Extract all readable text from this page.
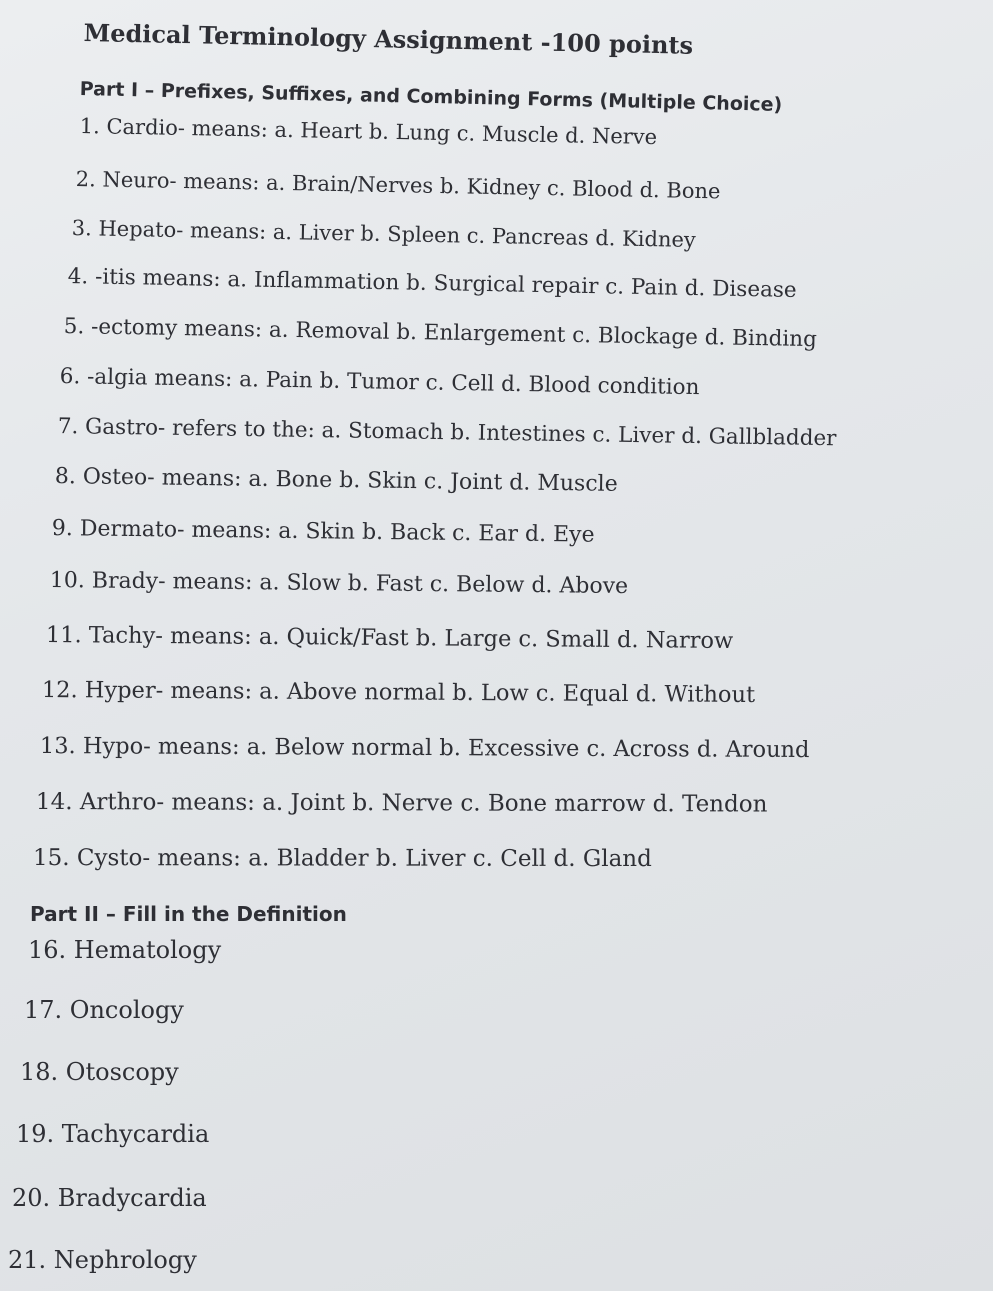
Medical Terminology Assignment -100 points
Part I – Prefixes, Suffixes, and Combining Forms (Multiple Choice)
1. Cardio- means: a. Heart b. Lung c. Muscle d. Nerve
2. Neuro- means: a. Brain/Nerves b. Kidney c. Blood d. Bone
3. Hepato- means: a. Liver b. Spleen c. Pancreas d. Kidney
4. -itis means: a. Inflammation b. Surgical repair c. Pain d. Disease
5. -ectomy means: a. Removal b. Enlargement c. Blockage d. Binding
6. -algia means: a. Pain b. Tumor c. Cell d. Blood condition
7. Gastro- refers to the: a. Stomach b. Intestines c. Liver d. Gallbladder
8. Osteo- means: a. Bone b. Skin c. Joint d. Muscle
9. Dermato- means: a. Skin b. Back c. Ear d. Eye
10. Brady- means: a. Slow b. Fast c. Below d. Above
11. Tachy- means: a. Quick/Fast b. Large c. Small d. Narrow
12. Hyper- means: a. Above normal b. Low c. Equal d. Without
13. Hypo- means: a. Below normal b. Excessive c. Across d. Around
14. Arthro- means: a. Joint b. Nerve c. Bone marrow d. Tendon
15. Cysto- means: a. Bladder b. Liver c. Cell d. Gland
Part II – Fill in the Definition
16. Hematology
17. Oncology
18. Otoscopy
19. Tachycardia
20. Bradycardia
21. Nephrology
